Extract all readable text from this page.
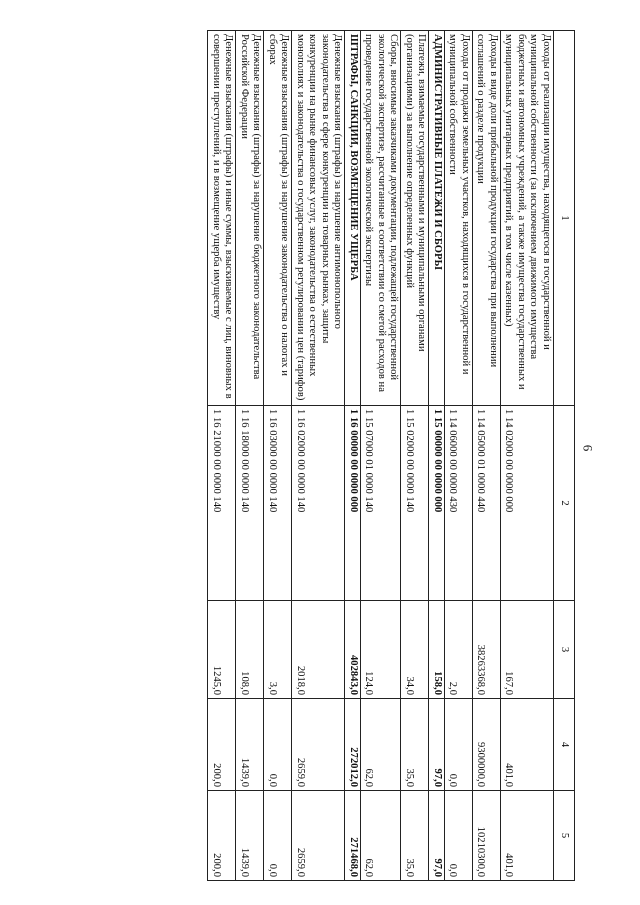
6
1	2	3	4	5
Доходы от реализации имущества, находящегося в государственной и муниципальной собственности (за исключением движимого имущества бюджетных и автономных учреждений, а также имущества государственных и муниципальных унитарных предприятий, в том числе казенных)	1 14 02000 00 0000 000	167,0	401,0	401,0
Доходы в виде доли прибыльной продукции государства при выполнении соглашений о разделе продукции	1 14 05000 01 0000 440	38263368,0	9300000,0	10210300,0
Доходы от продажи земельных участков, находящихся в государственной и муниципальной собственности	1 14 06000 00 0000 430	2,0	0,0	0,0
АДМИНИСТРАТИВНЫЕ ПЛАТЕЖИ И СБОРЫ	1 15 00000 00 0000 000	158,0	97,0	97,0
Платежи, взимаемые государственными и муниципальными органами (организациями) за выполнение определенных функций	1 15 02000 00 0000 140	34,0	35,0	35,0
Сборы, вносимые заказчиками документации, подлежащей государственной экологической экспертизе, рассчитанные в соответствии со сметой расходов на проведение государственной экологической экспертизы	1 15 07000 01 0000 140	124,0	62,0	62,0
ШТРАФЫ, САНКЦИИ, ВОЗМЕЩЕНИЕ УЩЕРБА	1 16 00000 00 0000 000	40284З,0	272012,0	271468,0
Денежные взыскания (штрафы) за нарушение антимонопольного законодательства в сфере конкуренции на товарных рынках, защиты конкуренции на рынке финансовых услуг, законодательства о естественных монополиях и законодательства о государственном регулировании цен (тарифов)	1 16 02000 00 0000 140	2018,0	2659,0	2659,0
Денежные взыскания (штрафы) за нарушение законодательства о налогах и сборах	1 16 03000 00 0000 140	3,0	0,0	0,0
Денежные взыскания (штрафы) за нарушение бюджетного законодательства Российской Федерации	1 16 18000 00 0000 140	108,0	1439,0	1439,0
Денежные взыскания (штрафы) и иные суммы, взыскиваемые с лиц, виновных в совершении преступлений, и в возмещение ущерба имуществу	1 16 21000 00 0000 140	1245,0	200,0	200,0
